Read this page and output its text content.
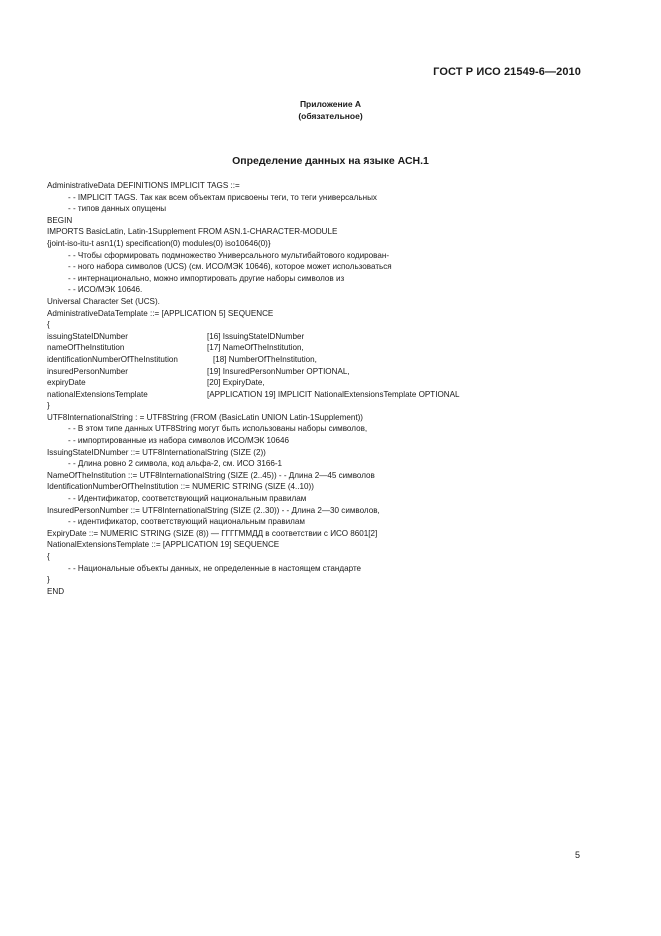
ГОСТ Р ИСО 21549-6—2010
Приложение А
(обязательное)
Определение данных на языке АСН.1
AdministrativeData DEFINITIONS IMPLICIT TAGS ::=
- - IMPLICIT TAGS. Так как всем объектам присвоены теги, то теги универсальных
- - типов данных опущены
BEGIN
IMPORTS BasicLatin, Latin-1Supplement FROM ASN.1-CHARACTER-MODULE
{joint-iso-itu-t asn1(1) specification(0) modules(0) iso10646(0)}
- - Чтобы сформировать подмножество Универсального мультибайтового кодирован-
- - ного набора символов (UCS) (см. ИСО/МЭК 10646), которое может использоваться
- - интернационально, можно импортировать другие наборы символов из
- - ИСО/МЭК 10646.
Universal Character Set (UCS).
AdministrativeDataTemplate ::= [APPLICATION 5] SEQUENCE
{

issuingStateIDNumber

	[16] IssuingStateIDNumber

nameOfTheInstitution

	[17] NameOfTheInstitution,

identificationNumberOfTheInstitution

	[18] NumberOfTheInstitution,

insuredPersonNumber

	[19] InsuredPersonNumber OPTIONAL,

expiryDate

	[20] ExpiryDate,

nationalExtensionsTemplate

	[APPLICATION 19] IMPLICIT NationalExtensionsTemplate OPTIONAL

}
UTF8InternationalString : = UTF8String (FROM (BasicLatin UNION Latin-1Supplement))
- - В этом типе данных UTF8String могут быть использованы наборы символов,
- - импортированные из набора символов ИСО/МЭК 10646
IssuingStateIDNumber ::= UTF8InternationalString (SIZE (2))
- - Длина ровно 2 символа, код альфа-2, см. ИСО 3166-1
NameOfTheInstitution ::= UTF8InternationalString (SIZE (2..45)) - - Длина 2—45 символов
IdentificationNumberOfTheInstitution ::= NUMERIC STRING (SIZE (4..10))
- - Идентификатор, соответствующий национальным правилам
InsuredPersonNumber ::= UTF8InternationalString (SIZE (2..30)) - - Длина 2—30 символов,
- - идентификатор, соответствующий национальным правилам
ExpiryDate ::= NUMERIC STRING (SIZE (8)) — ГГГГММДД в соответствии с ИСО 8601[2]
NationalExtensionsTemplate ::= [APPLICATION 19] SEQUENCE
{
- - Национальные объекты данных, не определенные в настоящем стандарте
}
END
5
